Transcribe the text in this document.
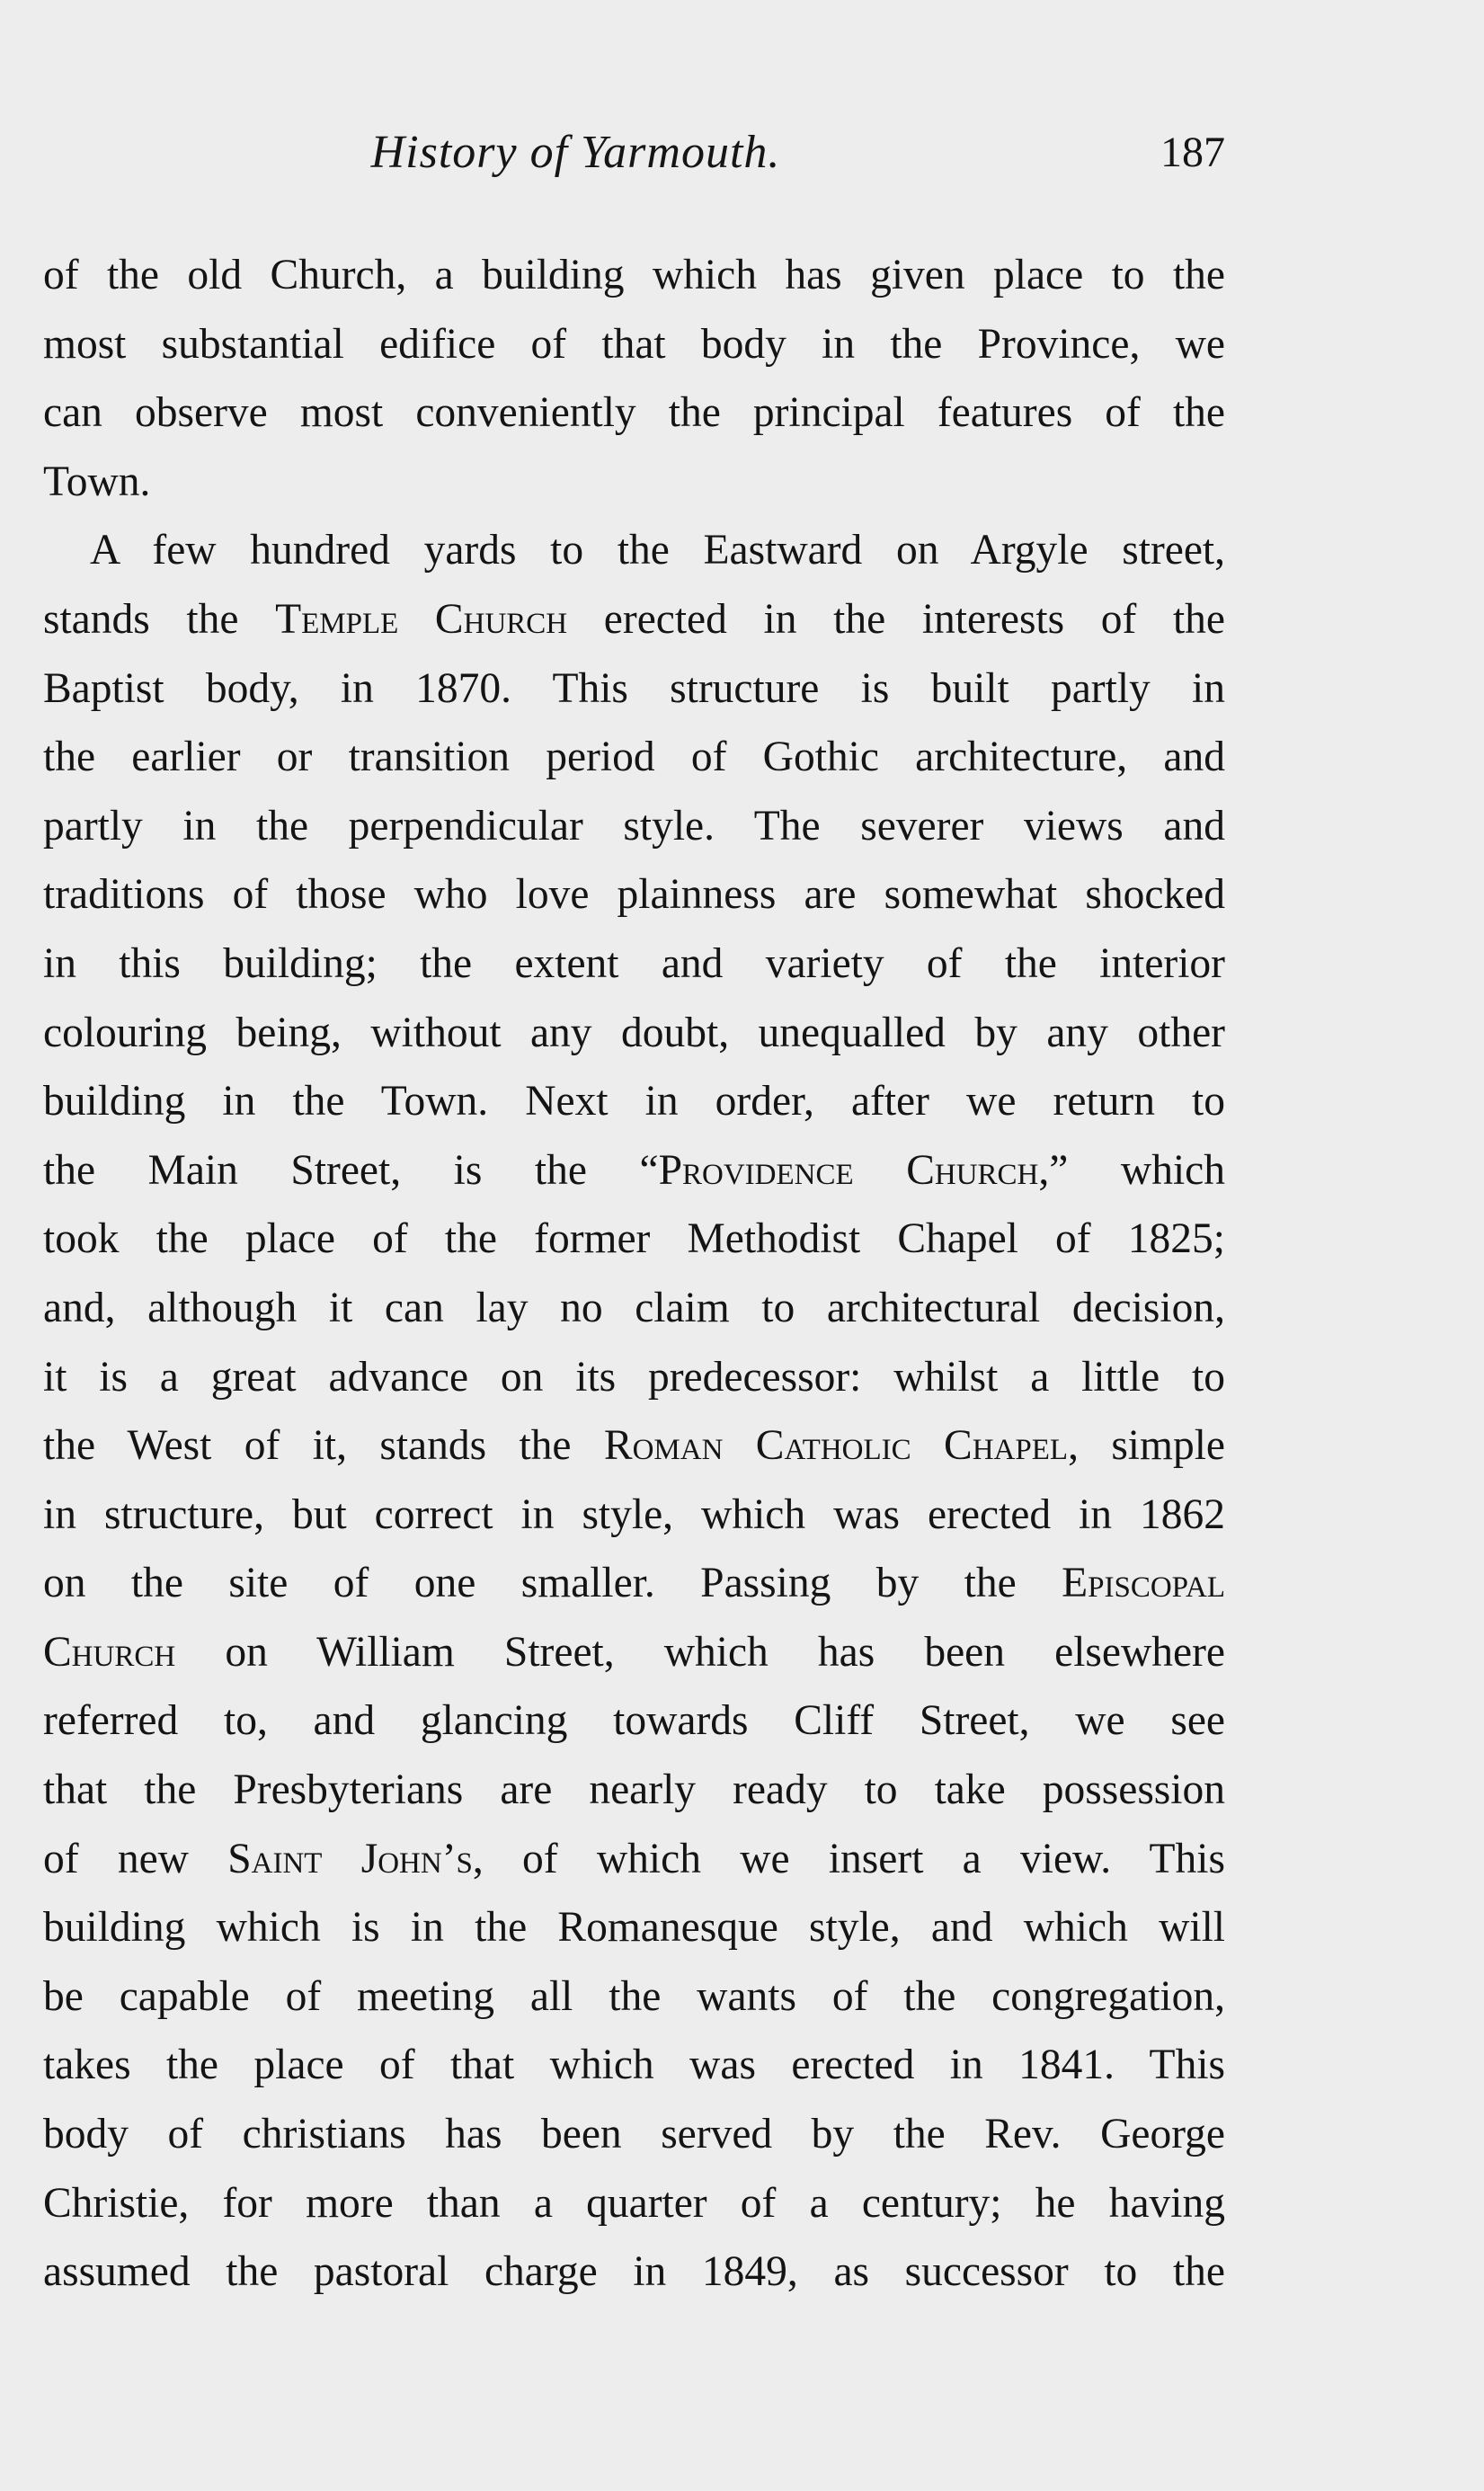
History of Yarmouth.	187
of the old Church, a building which has given place to the
most substantial edifice of that body in the Province, we
can observe most conveniently the principal features of the
Town.
A few hundred yards to the Eastward on Argyle street,
stands the Temple Church erected in the interests of the
Baptist body, in 1870. This structure is built partly in
the earlier or transition period of Gothic architecture, and
partly in the perpendicular style. The severer views and
traditions of those who love plainness are somewhat shocked
in this building; the extent and variety of the interior
colouring being, without any doubt, unequalled by any other
building in the Town. Next in order, after we return to
the Main Street, is the “Providence Church,” which
took the place of the former Methodist Chapel of 1825;
and, although it can lay no claim to architectural decision,
it is a great advance on its predecessor: whilst a little to
the West of it, stands the Roman Catholic Chapel, simple
in structure, but correct in style, which was erected in 1862
on the site of one smaller. Passing by the Episcopal
Church on William Street, which has been elsewhere
referred to, and glancing towards Cliff Street, we see
that the Presbyterians are nearly ready to take possession
of new Saint John’s, of which we insert a view. This
building which is in the Romanesque style, and which will
be capable of meeting all the wants of the congregation,
takes the place of that which was erected in 1841. This
body of christians has been served by the Rev. George
Christie, for more than a quarter of a century; he having
assumed the pastoral charge in 1849, as successor to the
